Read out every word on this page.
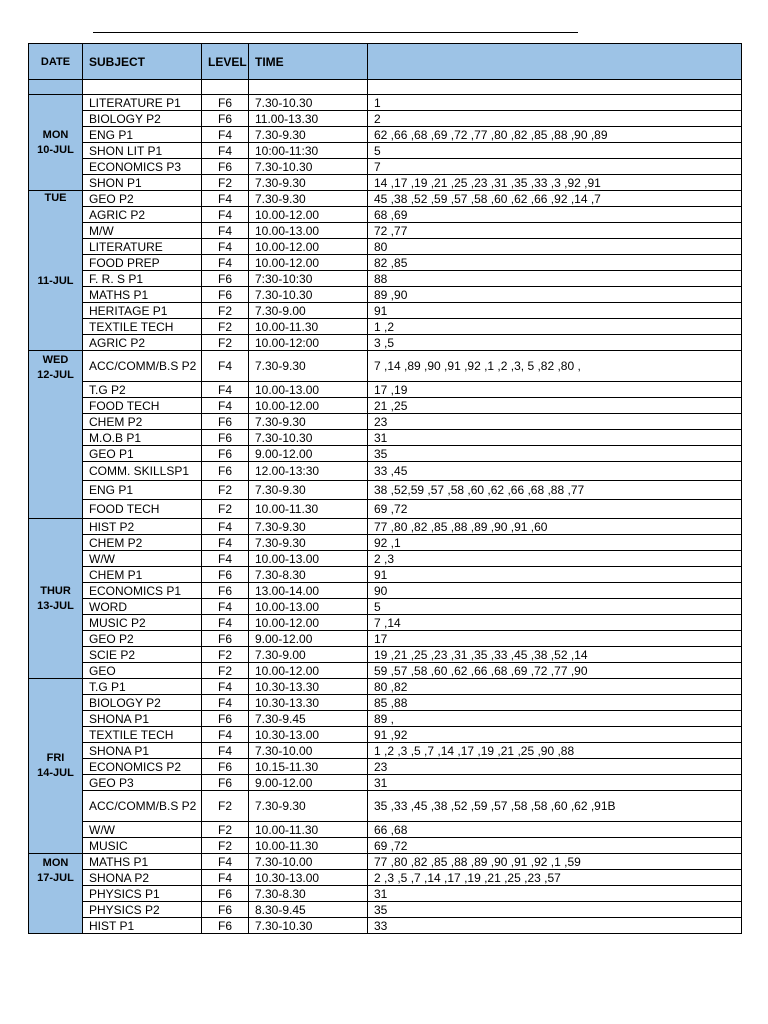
DATE	SUBJECT	LEVEL	TIME	

MON
10-JUL	LITERATURE P1	F6	7.30-10.30	1
	BIOLOGY P2	F6	11.00-13.30	2
	ENG P1	F4	7.30-9.30	62 ,66 ,68 ,69 ,72 ,77 ,80 ,82 ,85 ,88 ,90 ,89
	SHON LIT P1	F4	10:00-11:30	5
	ECONOMICS P3	F6	7.30-10.30	7
	SHON P1	F2	7.30-9.30	14 ,17 ,19 ,21 ,25 ,23 ,31 ,35 ,33 ,3 ,92 ,91

TUE
11-JUL	GEO P2	F4	7.30-9.30	45 ,38 ,52 ,59 ,57 ,58 ,60 ,62 ,66 ,92 ,14 ,7
	AGRIC P2	F4	10.00-12.00	68 ,69
	M/W	F4	10.00-13.00	72 ,77
	LITERATURE	F4	10.00-12.00	80
	FOOD PREP	F4	10.00-12.00	82 ,85
	F. R. S P1	F6	7:30-10:30	88
	MATHS P1	F6	7.30-10.30	89 ,90
	HERITAGE P1	F2	7.30-9.00	91
	TEXTILE TECH	F2	10.00-11.30	1 ,2
	AGRIC P2	F2	10.00-12:00	3 ,5

WED
12-JUL	ACC/COMM/B.S P2	F4	7.30-9.30	7 ,14 ,89 ,90 ,91 ,92 ,1 ,2 ,3, 5 ,82 ,80 ,
	T.G P2	F4	10.00-13.00	17 ,19
	FOOD TECH	F4	10.00-12.00	21 ,25
	CHEM P2	F6	7.30-9.30	23
	M.O.B P1	F6	7.30-10.30	31
	GEO P1	F6	9.00-12.00	35
	COMM. SKILLSP1	F6	12.00-13:30	33 ,45
	ENG P1	F2	7.30-9.30	38 ,52,59 ,57 ,58 ,60 ,62 ,66 ,68 ,88 ,77
	FOOD TECH	F2	10.00-11.30	69 ,72

THUR
13-JUL	HIST P2	F4	7.30-9.30	77 ,80 ,82 ,85 ,88 ,89 ,90 ,91 ,60
	CHEM P2	F4	7.30-9.30	92 ,1
	W/W	F4	10.00-13.00	2 ,3
	CHEM P1	F6	7.30-8.30	91
	ECONOMICS P1	F6	13.00-14.00	90
	WORD	F4	10.00-13.00	5
	MUSIC P2	F4	10.00-12.00	7 ,14
	GEO P2	F6	9.00-12.00	17
	SCIE P2	F2	7.30-9.00	19 ,21 ,25 ,23 ,31 ,35 ,33 ,45 ,38 ,52 ,14
	GEO	F2	10.00-12.00	59 ,57 ,58 ,60 ,62 ,66 ,68 ,69 ,72 ,77 ,90

FRI
14-JUL	T.G P1	F4	10.30-13.30	80 ,82
	BIOLOGY P2	F4	10.30-13.30	85 ,88
	SHONA P1	F6	7.30-9.45	89 ,
	TEXTILE TECH	F4	10.30-13.00	91 ,92
	SHONA P1	F4	7.30-10.00	1 ,2 ,3 ,5 ,7 ,14 ,17 ,19 ,21 ,25 ,90 ,88
	ECONOMICS P2	F6	10.15-11.30	23
	GEO P3	F6	9.00-12.00	31
	ACC/COMM/B.S P2	F2	7.30-9.30	35 ,33 ,45 ,38 ,52 ,59 ,57 ,58 ,58 ,60 ,62 ,91B
	W/W	F2	10.00-11.30	66 ,68
	MUSIC	F2	10.00-11.30	69 ,72

MON
17-JUL	MATHS P1	F4	7.30-10.00	77 ,80 ,82 ,85 ,88 ,89 ,90 ,91 ,92 ,1 ,59
	SHONA P2	F4	10.30-13.00	2 ,3 ,5 ,7 ,14 ,17 ,19 ,21 ,25 ,23 ,57
	PHYSICS P1	F6	7.30-8.30	31
	PHYSICS P2	F6	8.30-9.45	35
	HIST P1	F6	7.30-10.30	33
